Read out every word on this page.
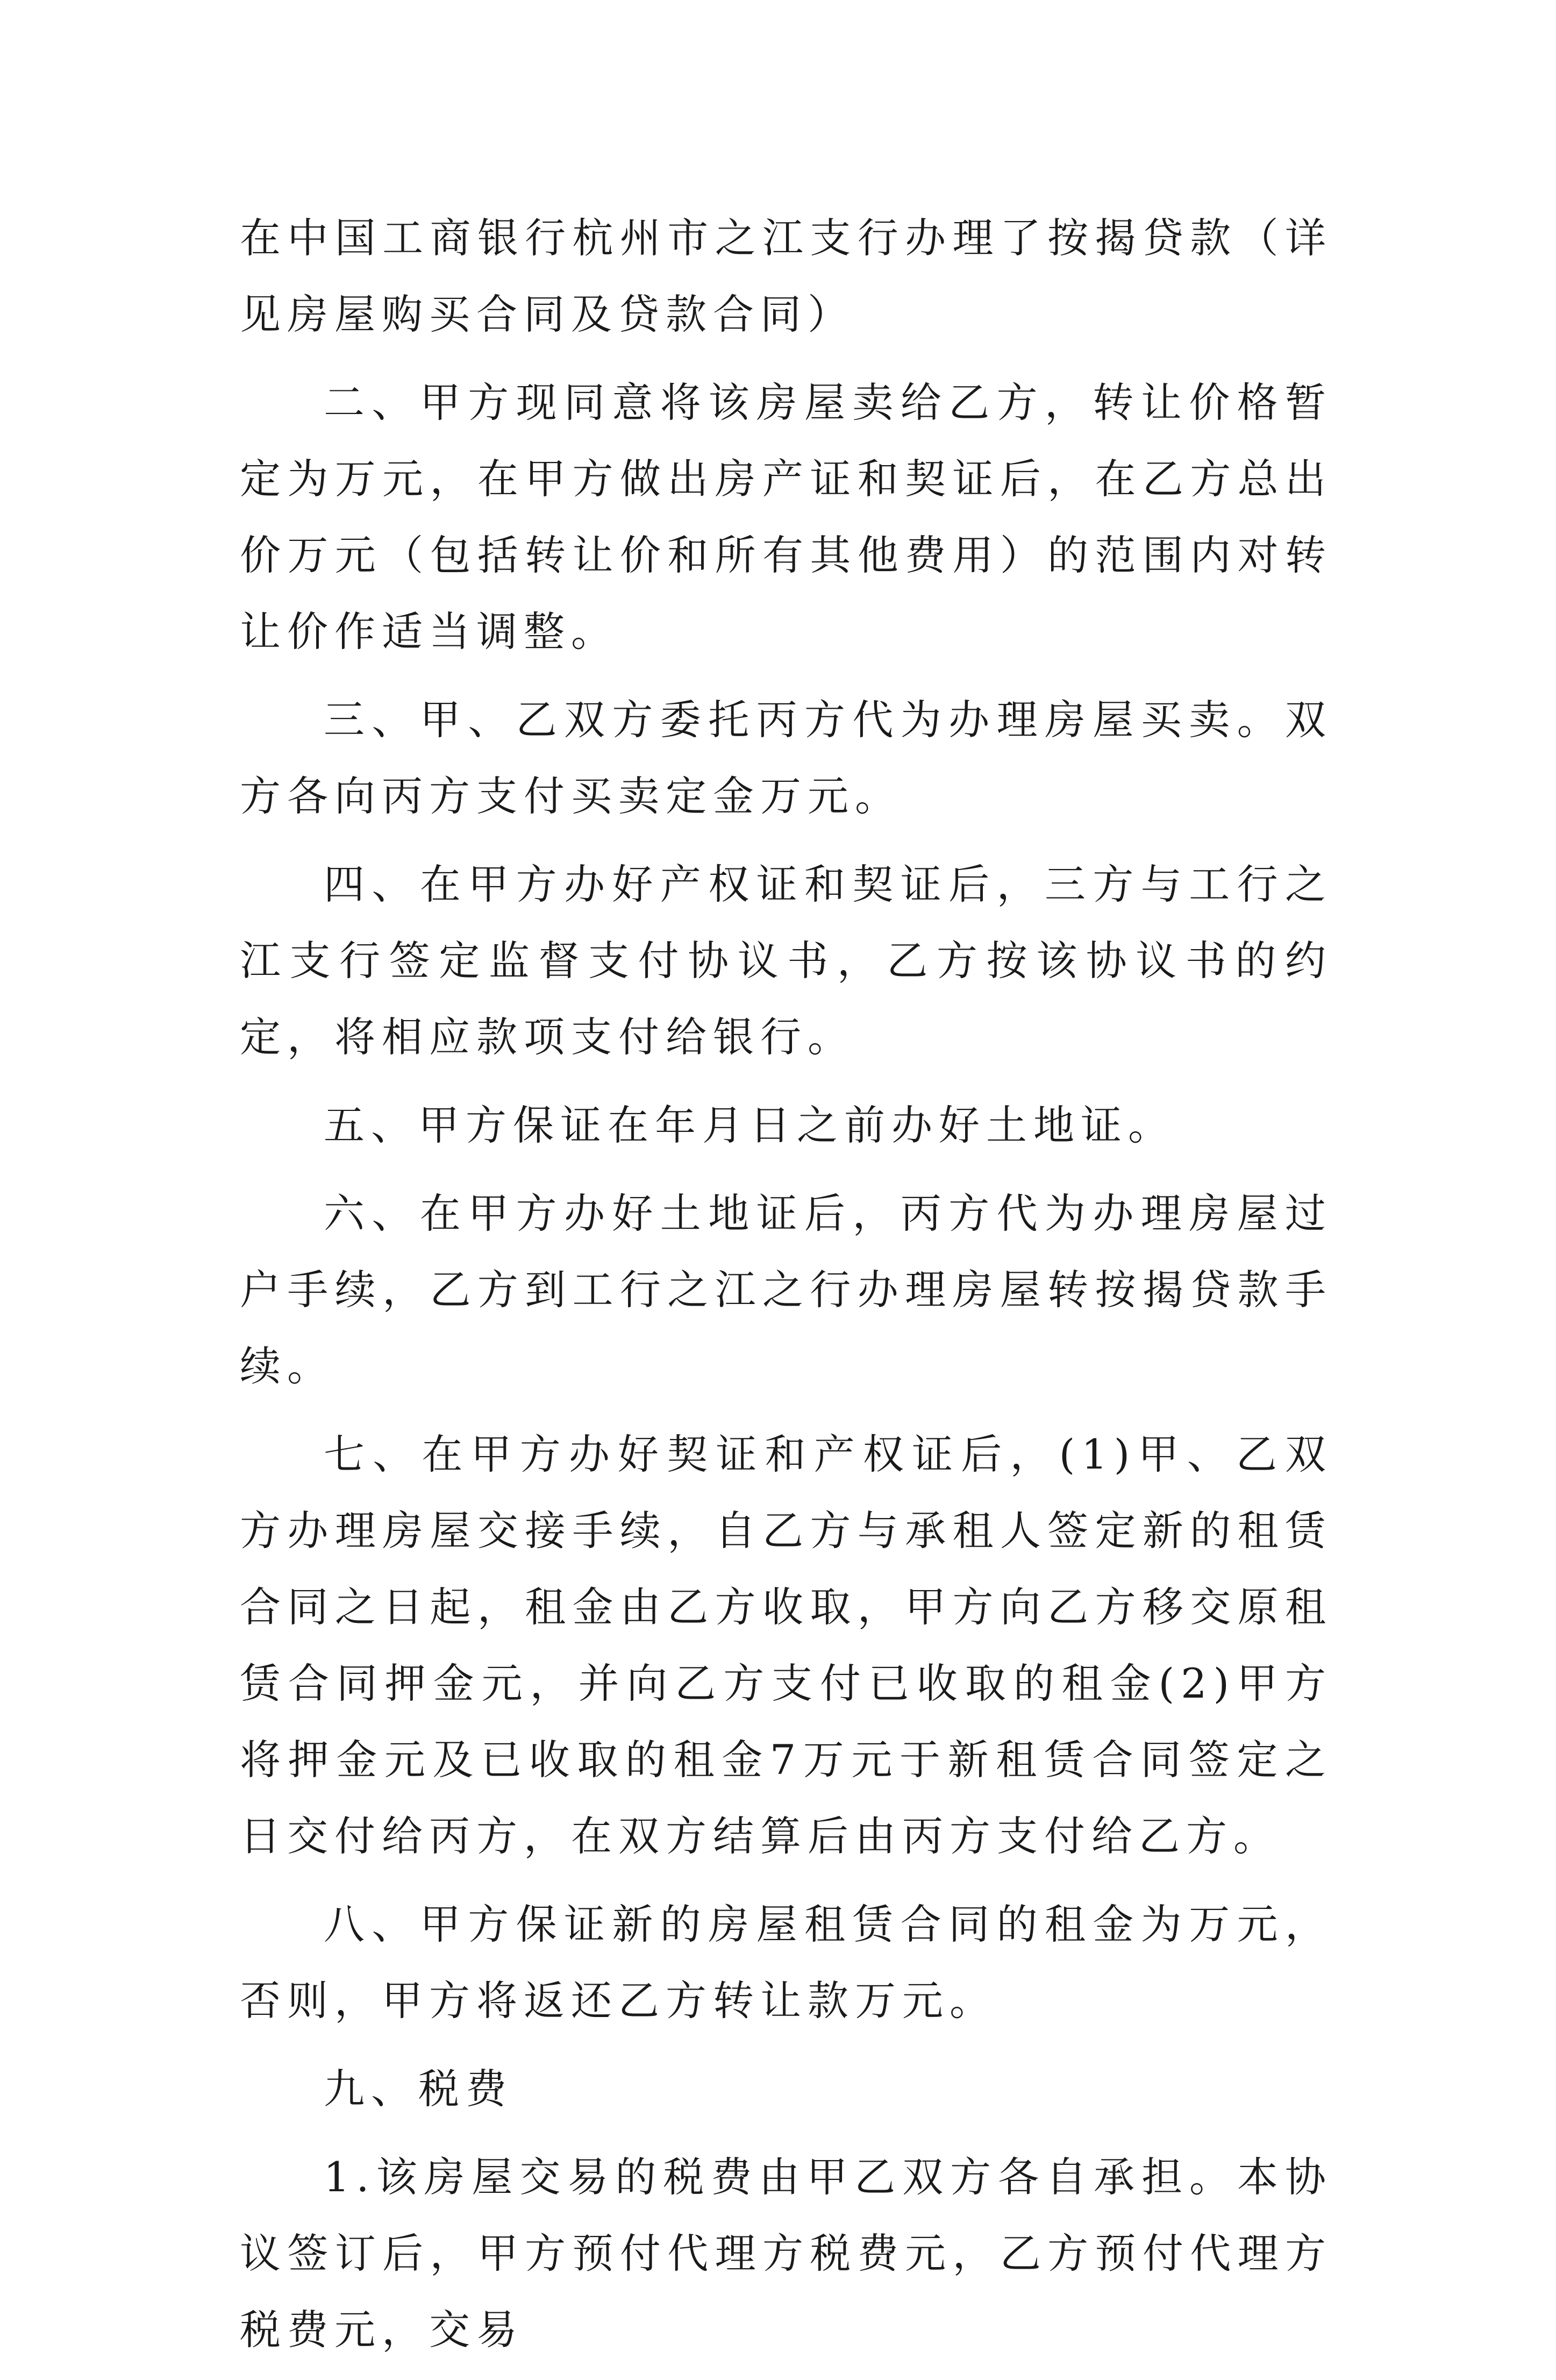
在中国工商银行杭州市之江支行办理了按揭贷款（详见房屋购买合同及贷款合同）

二、甲方现同意将该房屋卖给乙方，转让价格暂定为万元，在甲方做出房产证和契证后，在乙方总出价万元（包括转让价和所有其他费用）的范围内对转让价作适当调整。

三、甲、乙双方委托丙方代为办理房屋买卖。双方各向丙方支付买卖定金万元。

四、在甲方办好产权证和契证后，三方与工行之江支行签定监督支付协议书，乙方按该协议书的约定，将相应款项支付给银行。

五、甲方保证在年月日之前办好土地证。

六、在甲方办好土地证后，丙方代为办理房屋过户手续，乙方到工行之江之行办理房屋转按揭贷款手续。

七、在甲方办好契证和产权证后，(1)甲、乙双方办理房屋交接手续，自乙方与承租人签定新的租赁合同之日起，租金由乙方收取，甲方向乙方移交原租赁合同押金元，并向乙方支付已收取的租金(2)甲方将押金元及已收取的租金7万元于新租赁合同签定之日交付给丙方，在双方结算后由丙方支付给乙方。

八、甲方保证新的房屋租赁合同的租金为万元，否则，甲方将返还乙方转让款万元。

九、税费

1.该房屋交易的税费由甲乙双方各自承担。本协议签订后，甲方预付代理方税费元，乙方预付代理方税费元，交易
